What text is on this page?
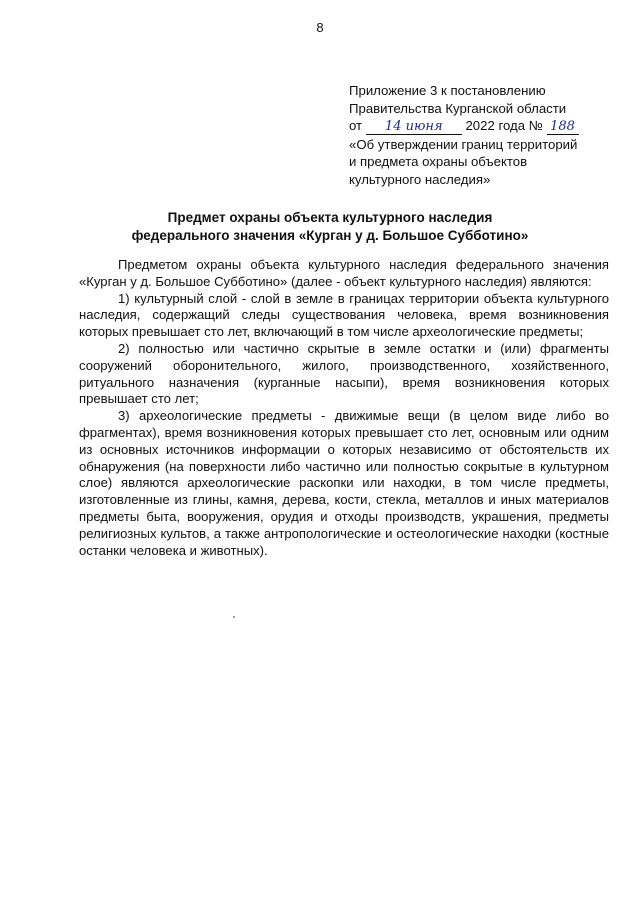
8
Приложение 3 к постановлению
Правительства Курганской области
от 14 июня 2022 года № 188
«Об утверждении границ территорий
и предмета охраны объектов
культурного наследия»
Предмет охраны объекта культурного наследия
федерального значения «Курган у д. Большое Субботино»

Предметом охраны объекта культурного наследия федерального значения «Курган у д. Большое Субботино» (далее - объект культурного наследия) являются:

1) культурный слой - слой в земле в границах территории объекта культурного наследия, содержащий следы существования человека, время возникновения которых превышает сто лет, включающий в том числе археологические предметы;

2) полностью или частично скрытые в земле остатки и (или) фрагменты сооружений оборонительного, жилого, производственного, хозяйственного, ритуального назначения (курганные насыпи), время возникновения которых превышает сто лет;

3) археологические предметы - движимые вещи (в целом виде либо во фрагментах), время возникновения которых превышает сто лет, основным или одним из основных источников информации о которых независимо от обстоятельств их обнаружения (на поверхности либо частично или полностью сокрытые в культурном слое) являются археологические раскопки или находки, в том числе предметы, изготовленные из глины, камня, дерева, кости, стекла, металлов и иных материалов предметы быта, вооружения, орудия и отходы производств, украшения, предметы религиозных культов, а также антропологические и остеологические находки (костные останки человека и животных).
